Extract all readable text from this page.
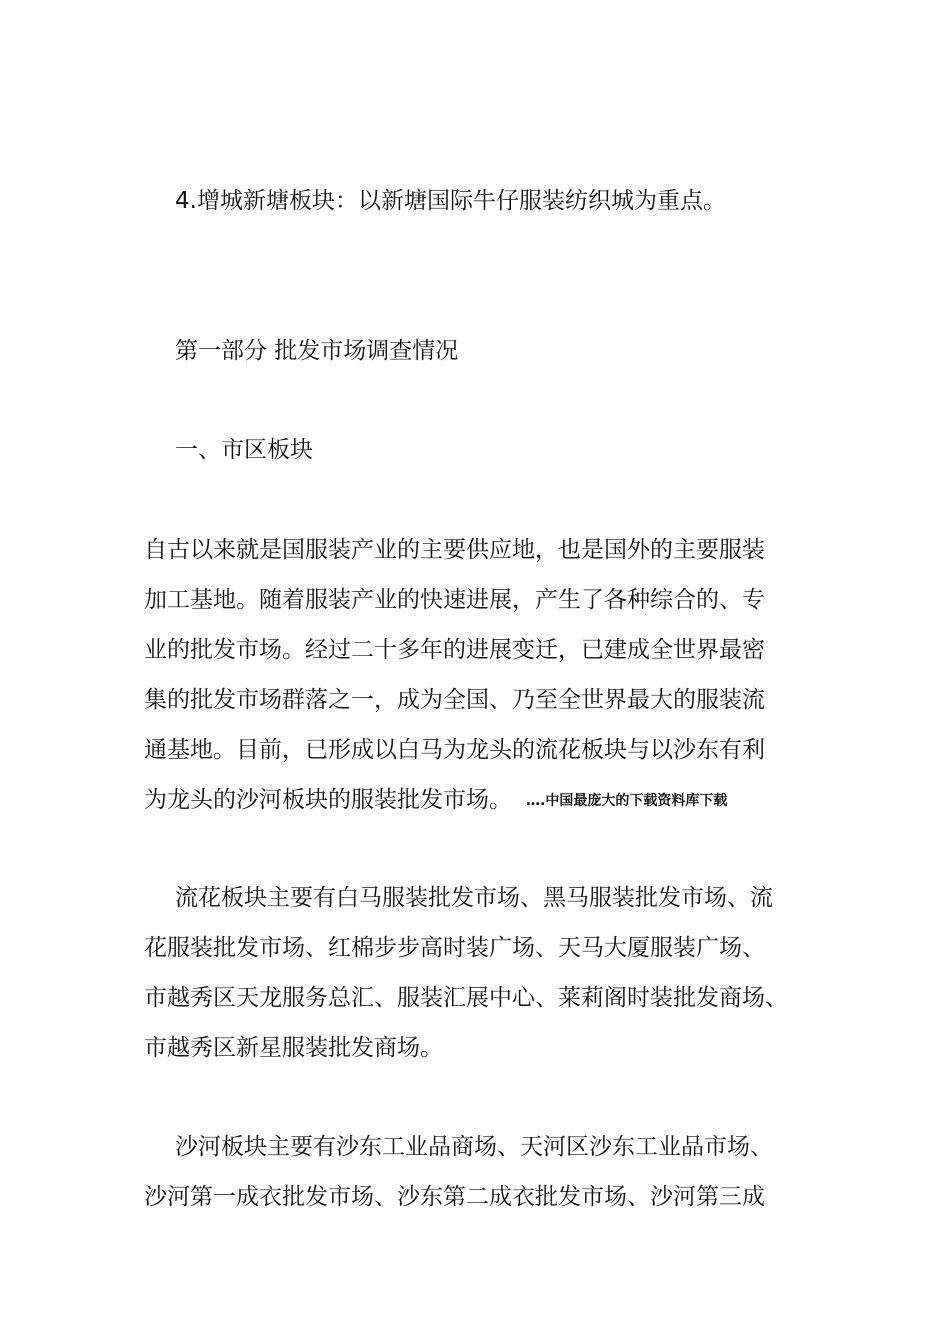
4.增城新塘板块：以新塘国际牛仔服装纺织城为重点。
第一部分 批发市场调查情况
一、市区板块
自古以来就是国服装产业的主要供应地，也是国外的主要服装
加工基地。随着服装产业的快速进展，产生了各种综合的、专
业的批发市场。经过二十多年的进展变迁，已建成全世界最密
集的批发市场群落之一，成为全国、乃至全世界最大的服装流
通基地。目前，已形成以白马为龙头的流花板块与以沙东有利
为龙头的沙河板块的服装批发市场。 ….中国最庞大的下载资料库下载
流花板块主要有白马服装批发市场、黑马服装批发市场、流
花服装批发市场、红棉步步高时装广场、天马大厦服装广场、
市越秀区天龙服务总汇、服装汇展中心、莱莉阁时装批发商场、
市越秀区新星服装批发商场。
沙河板块主要有沙东工业品商场、天河区沙东工业品市场、
沙河第一成衣批发市场、沙东第二成衣批发市场、沙河第三成
